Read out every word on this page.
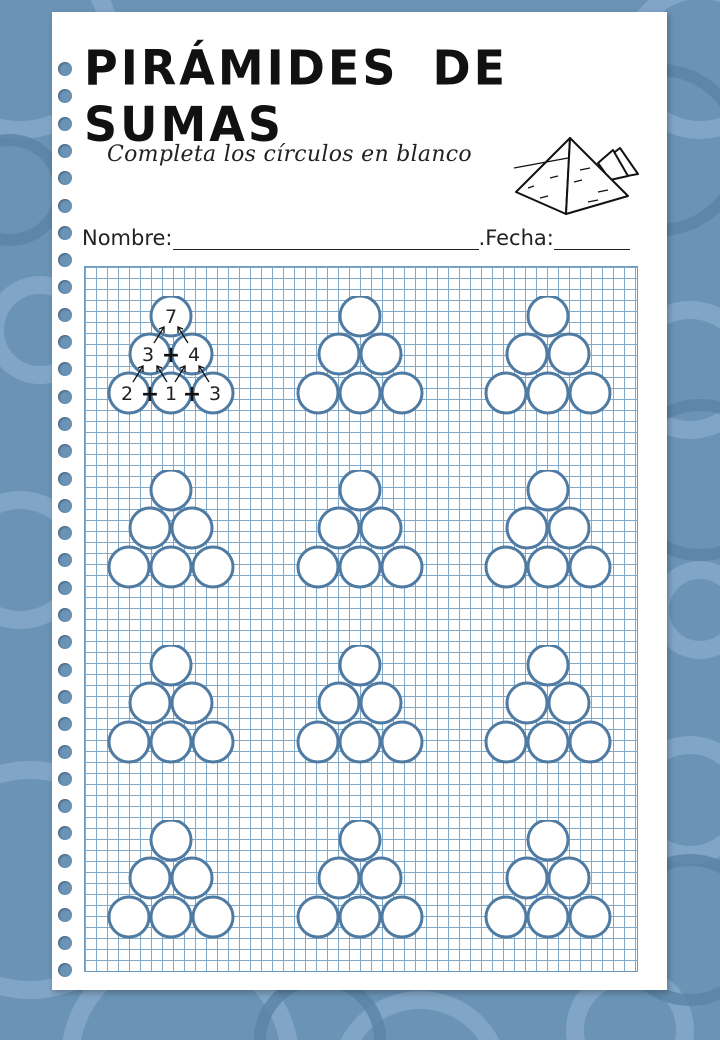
PIRÁMIDES DE SUMAS
Completa los círculos en blanco
Nombre:	.Fecha:
7
3 4
2 1 3
+
+ +
